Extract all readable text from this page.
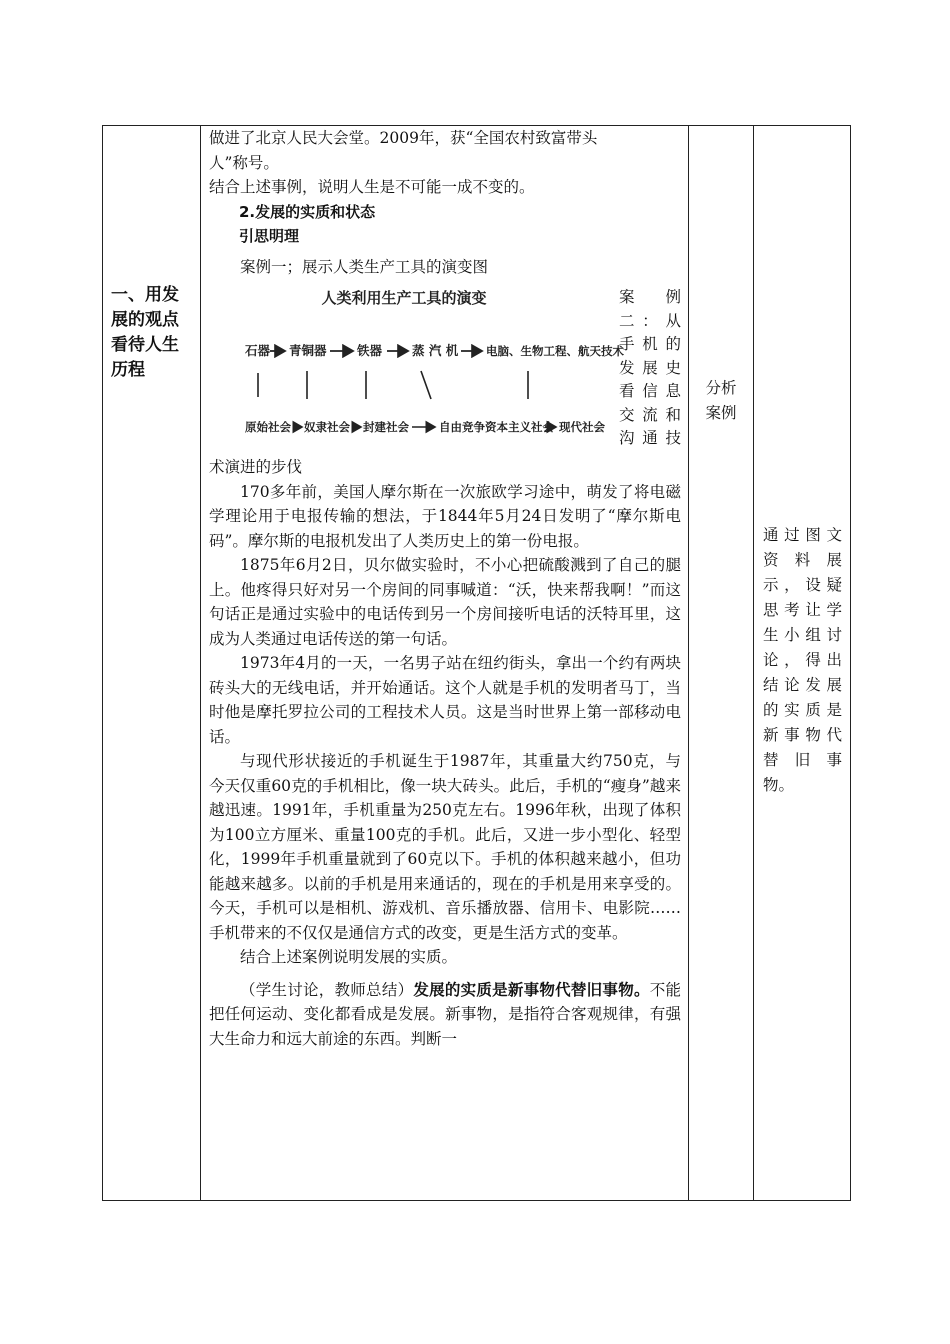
一、用发
展的观点
看待人生
历程

做进了北京人民大会堂。2009年，获“全国农村致富带头

人”称号。

结合上述事例，说明人生是不可能一成不变的。

2.发展的实质和状态

引思明理

案例一；展示人类生产工具的演变图

人类利用生产工具的演变
石器 青铜器 铁器 蒸 汽 机 电脑、生物工程、航天技术
原始社会 奴隶社会 封建社会	自由竞争资本主义社会 现代社会
案　　例
二：从
手机的
发展史
看信息
交流和
沟通技

术演进的步伐

170多年前，美国人摩尔斯在一次旅欧学习途中，萌发了将电磁学理论用于电报传输的想法，于1844年5月24日发明了“摩尔斯电码”。摩尔斯的电报机发出了人类历史上的第一份电报。

1875年6月2日，贝尔做实验时，不小心把硫酸溅到了自己的腿上。他疼得只好对另一个房间的同事喊道：“沃，快来帮我啊！”而这句话正是通过实验中的电话传到另一个房间接听电话的沃特耳里，这成为人类通过电话传送的第一句话。

1973年4月的一天，一名男子站在纽约街头，拿出一个约有两块砖头大的无线电话，并开始通话。这个人就是手机的发明者马丁，当时他是摩托罗拉公司的工程技术人员。这是当时世界上第一部移动电话。

与现代形状接近的手机诞生于1987年，其重量大约750克，与今天仅重60克的手机相比，像一块大砖头。此后，手机的“瘦身”越来越迅速。1991年，手机重量为250克左右。1996年秋，出现了体积为100立方厘米、重量100克的手机。此后，又进一步小型化、轻型化，1999年手机重量就到了60克以下。手机的体积越来越小，但功能越来越多。以前的手机是用来通话的，现在的手机是用来享受的。今天，手机可以是相机、游戏机、音乐播放器、信用卡、电影院……手机带来的不仅仅是通信方式的改变，更是生活方式的变革。

结合上述案例说明发展的实质。

（学生讨论，教师总结）发展的实质是新事物代替旧事物。不能把任何运动、变化都看成是发展。新事物，是指符合客观规律，有强大生命力和远大前途的东西。判断一

分析
案例

通过图文
资 料 展
示，设疑
思考让学
生小组讨
论，得出
结论发展
的实质是
新事物代
替 旧 事
物。
